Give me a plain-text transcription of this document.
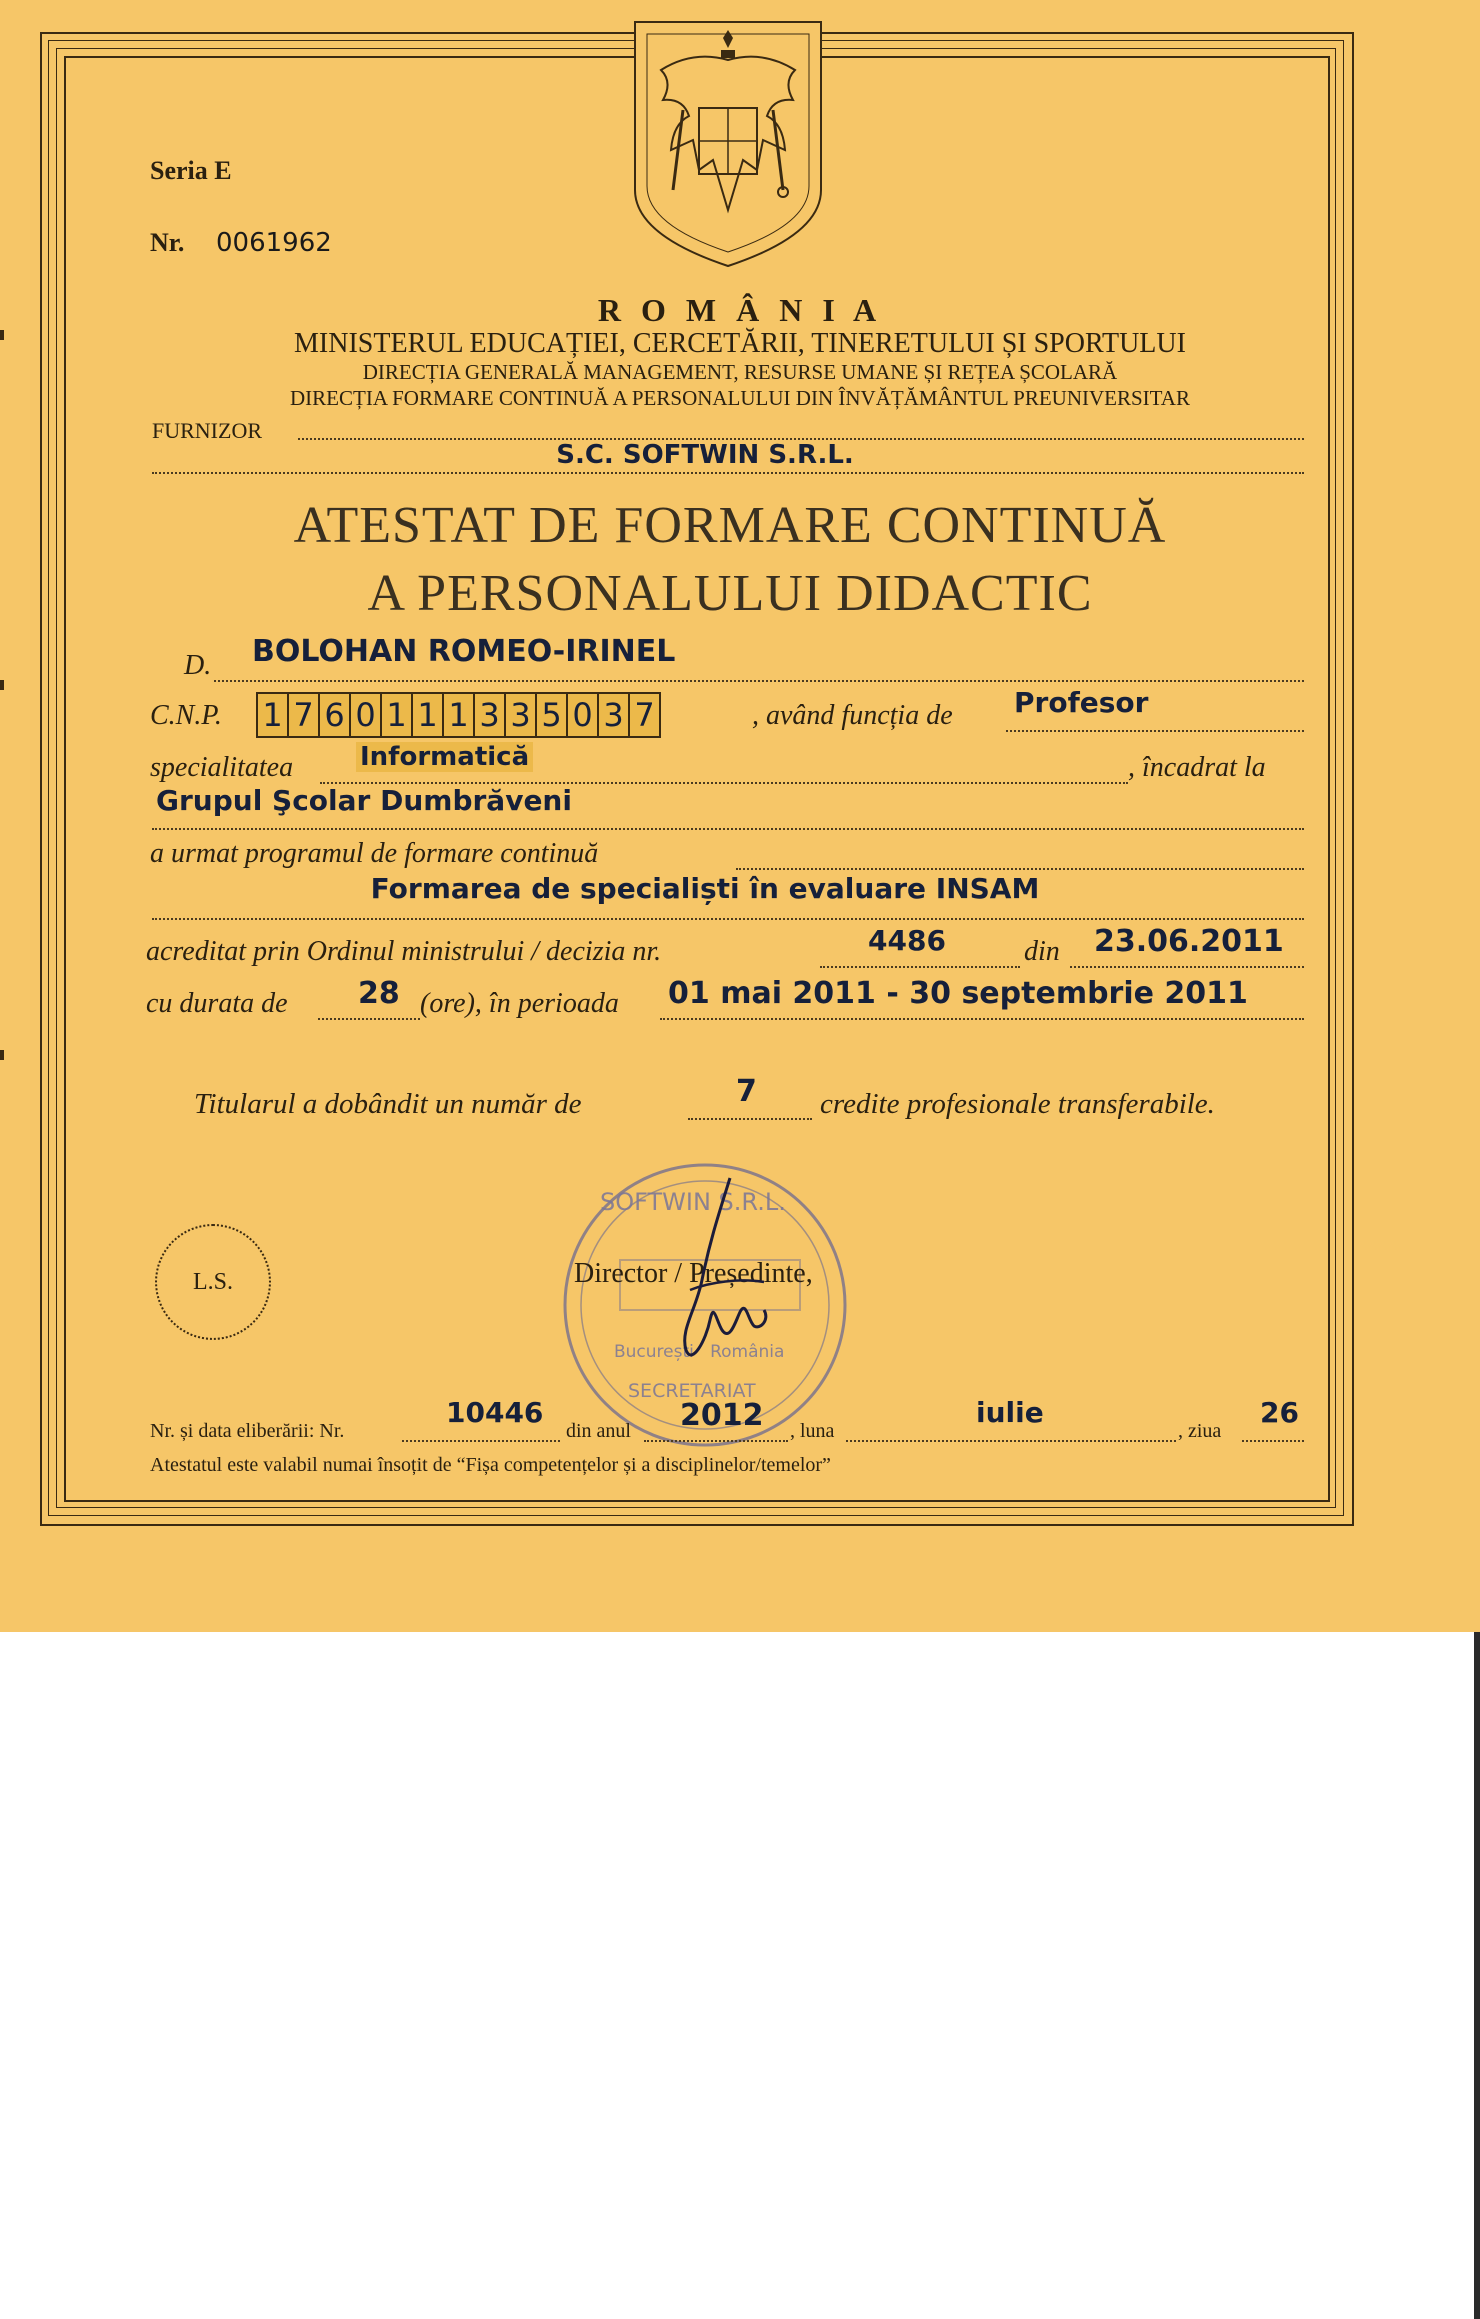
Seria E
Nr. 0061962
R O M Â N I A
MINISTERUL EDUCAȚIEI, CERCETĂRII, TINERETULUI ȘI SPORTULUI
DIRECȚIA GENERALĂ MANAGEMENT, RESURSE UMANE ȘI REȚEA ȘCOLARĂ
DIRECȚIA FORMARE CONTINUĂ A PERSONALULUI DIN ÎNVĂȚĂMÂNTUL PREUNIVERSITAR
FURNIZOR
S.C. SOFTWIN S.R.L.
ATESTAT DE FORMARE CONTINUĂ
A PERSONALULUI DIDACTIC
D. BOLOHAN ROMEO-IRINEL
C.N.P. 1 7 6 0 1 1 1 3 3 5 0 3 7	, având funcția de Profesor
specialitatea	Informatică	, încadrat la
Grupul Şcolar Dumbrăveni
a urmat programul de formare continuă
Formarea de specialiști în evaluare INSAM
acreditat prin Ordinul ministrului / decizia nr.	4486	din 23.06.2011
cu durata de 28 (ore), în perioada 01 mai 2011 - 30 septembrie 2011
Titularul a dobândit un număr de	7 credite profesionale transferabile.
L.S.
SOFTWIN S.R.L.
București   România
SECRETARIAT
Director / Președinte,
Nr. și data eliberării: Nr.
10446
din anul 2012 , luna
iulie
, ziua
26
Atestatul este valabil numai însoțit de “Fișa competențelor și a disciplinelor/temelor”
